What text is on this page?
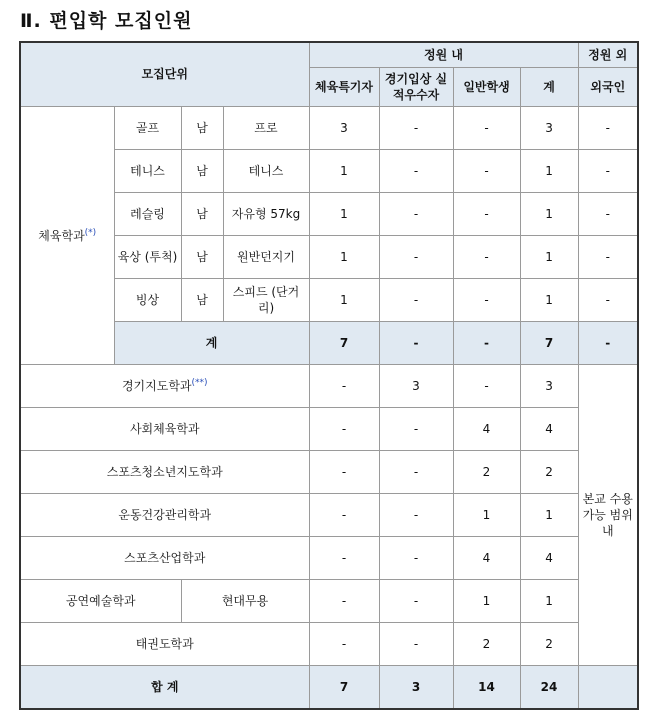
Ⅱ. 편입학 모집인원
모집단위				정원 내				정원 외
				체육특기자	경기입상 실적우수자	일반학생	계	외국인
체육학과(*)	골프	남	프로	3	-	-	3	-
	테니스	남	테니스	1	-	-	1	-
	레슬링	남	자유형 57kg	1	-	-	1	-
	육상 (투척)	남	원반던지기	1	-	-	1	-
	빙상	남	스피드 (단거리)	1	-	-	1	-
	계			7	-	-	7	-
경기지도학과(**)				-	3	-	3	본교 수용 가능 범위 내
사회체육학과				-	-	4	4	
스포츠청소년지도학과				-	-	2	2	
운동건강관리학과				-	-	1	1	
스포츠산업학과				-	-	4	4	
공연예술학과		현대무용		-	-	1	1	
태권도학과				-	-	2	2	
합 계				7	3	14	24	
